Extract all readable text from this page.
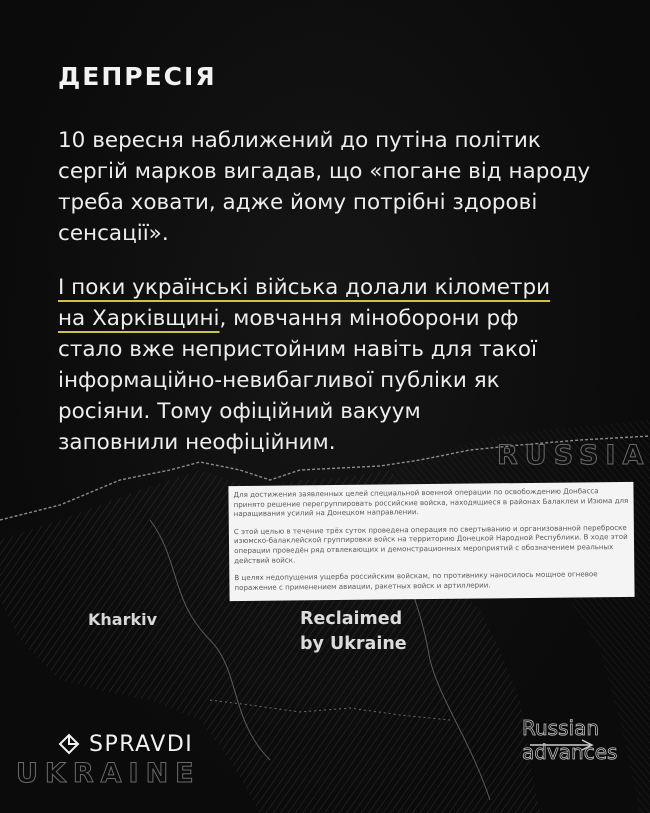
ДЕПРЕСІЯ
10 вересня наближений до путіна політик
сергій марков вигадав, що «погане від народу
треба ховати, адже йому потрібні здорові
сенсації».
І поки українські війська долали кілометри
на Харківщині, мовчання міноборони рф
стало вже непристойним навіть для такої
інформаційно-невибагливої публіки як
росіяни. Тому офіційний вакуум
заповнили неофіційним.	RUSSIA

Для достижения заявленных целей специальной военной операции по освобождению Донбасса принято решение перегруппировать российские войска, находящиеся в районах Балаклеи и Изюма для наращивания усилий на Донецком направлении.

С этой целью в течение трёх суток проведена операция по свертыванию и организованной переброске изюмско-балаклейской группировки войск на территорию Донецкой Народной Республики. В ходе этой операции проведён ряд отвлекающих и демонстрационных мероприятий с обозначением реальных действий войск.

В целях недопущения ущерба российским войскам, по противнику наносилось мощное огневое поражение с применением авиации, ракетных войск и артиллерии.

Kharkiv	Reclaimed
by Ukraine
Russian
advances
SPRAVDI
UKRAINE
